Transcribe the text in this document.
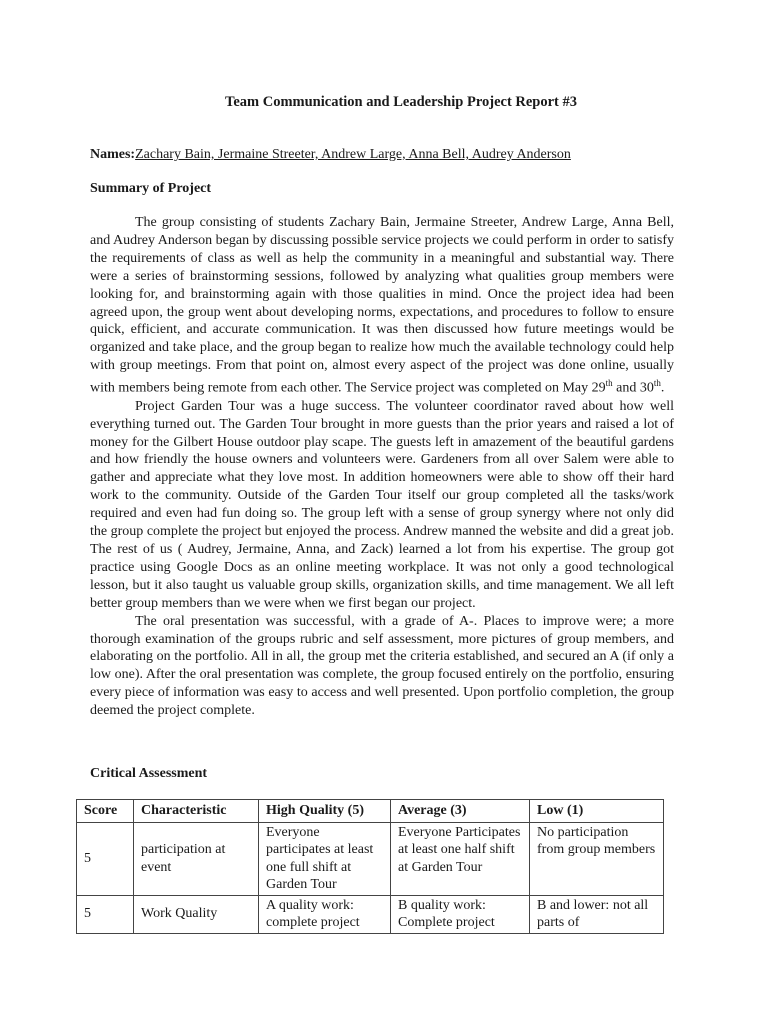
Team Communication and Leadership Project Report #3
Names:Zachary Bain, Jermaine Streeter, Andrew Large, Anna Bell, Audrey Anderson
Summary of Project

The group consisting of students Zachary Bain, Jermaine Streeter, Andrew Large, Anna Bell, and Audrey Anderson began by discussing possible service projects we could perform in order to satisfy the requirements of class as well as help the community in a meaningful and substantial way. There were a series of brainstorming sessions, followed by analyzing what qualities group members were looking for, and brainstorming again with those qualities in mind. Once the project idea had been agreed upon, the group went about developing norms, expectations, and procedures to follow to ensure quick, efficient, and accurate communication. It was then discussed how future meetings would be organized and take place, and the group began to realize how much the available technology could help with group meetings. From that point on, almost every aspect of the project was done online, usually with members being remote from each other. The Service project was completed on May 29th and 30th.

Project Garden Tour was a huge success. The volunteer coordinator raved about how well everything turned out. The Garden Tour brought in more guests than the prior years and raised a lot of money for the Gilbert House outdoor play scape. The guests left in amazement of the beautiful gardens and how friendly the house owners and volunteers were. Gardeners from all over Salem were able to gather and appreciate what they love most. In addition homeowners were able to show off their hard work to the community. Outside of the Garden Tour itself our group completed all the tasks/work required and even had fun doing so. The group left with a sense of group synergy where not only did the group complete the project but enjoyed the process. Andrew manned the website and did a great job. The rest of us ( Audrey, Jermaine, Anna, and Zack) learned a lot from his expertise. The group got practice using Google Docs as an online meeting workplace. It was not only a good technological lesson, but it also taught us valuable group skills, organization skills, and time management. We all left better group members than we were when we first began our project.

The oral presentation was successful, with a grade of A-. Places to improve were; a more thorough examination of the groups rubric and self assessment, more pictures of group members, and elaborating on the portfolio. All in all, the group met the criteria established, and secured an A (if only a low one). After the oral presentation was complete, the group focused entirely on the portfolio, ensuring every piece of information was easy to access and well presented. Upon portfolio completion, the group deemed the project complete.

Critical Assessment
Score	Characteristic	High Quality (5)	Average (3)	Low (1)
5	participation at event	Everyone participates at least one full shift at Garden Tour	Everyone Participates at least one half shift at Garden Tour	No participation from group members
5	Work Quality	A quality work: complete project	B quality work: Complete project	B and lower: not all parts of
